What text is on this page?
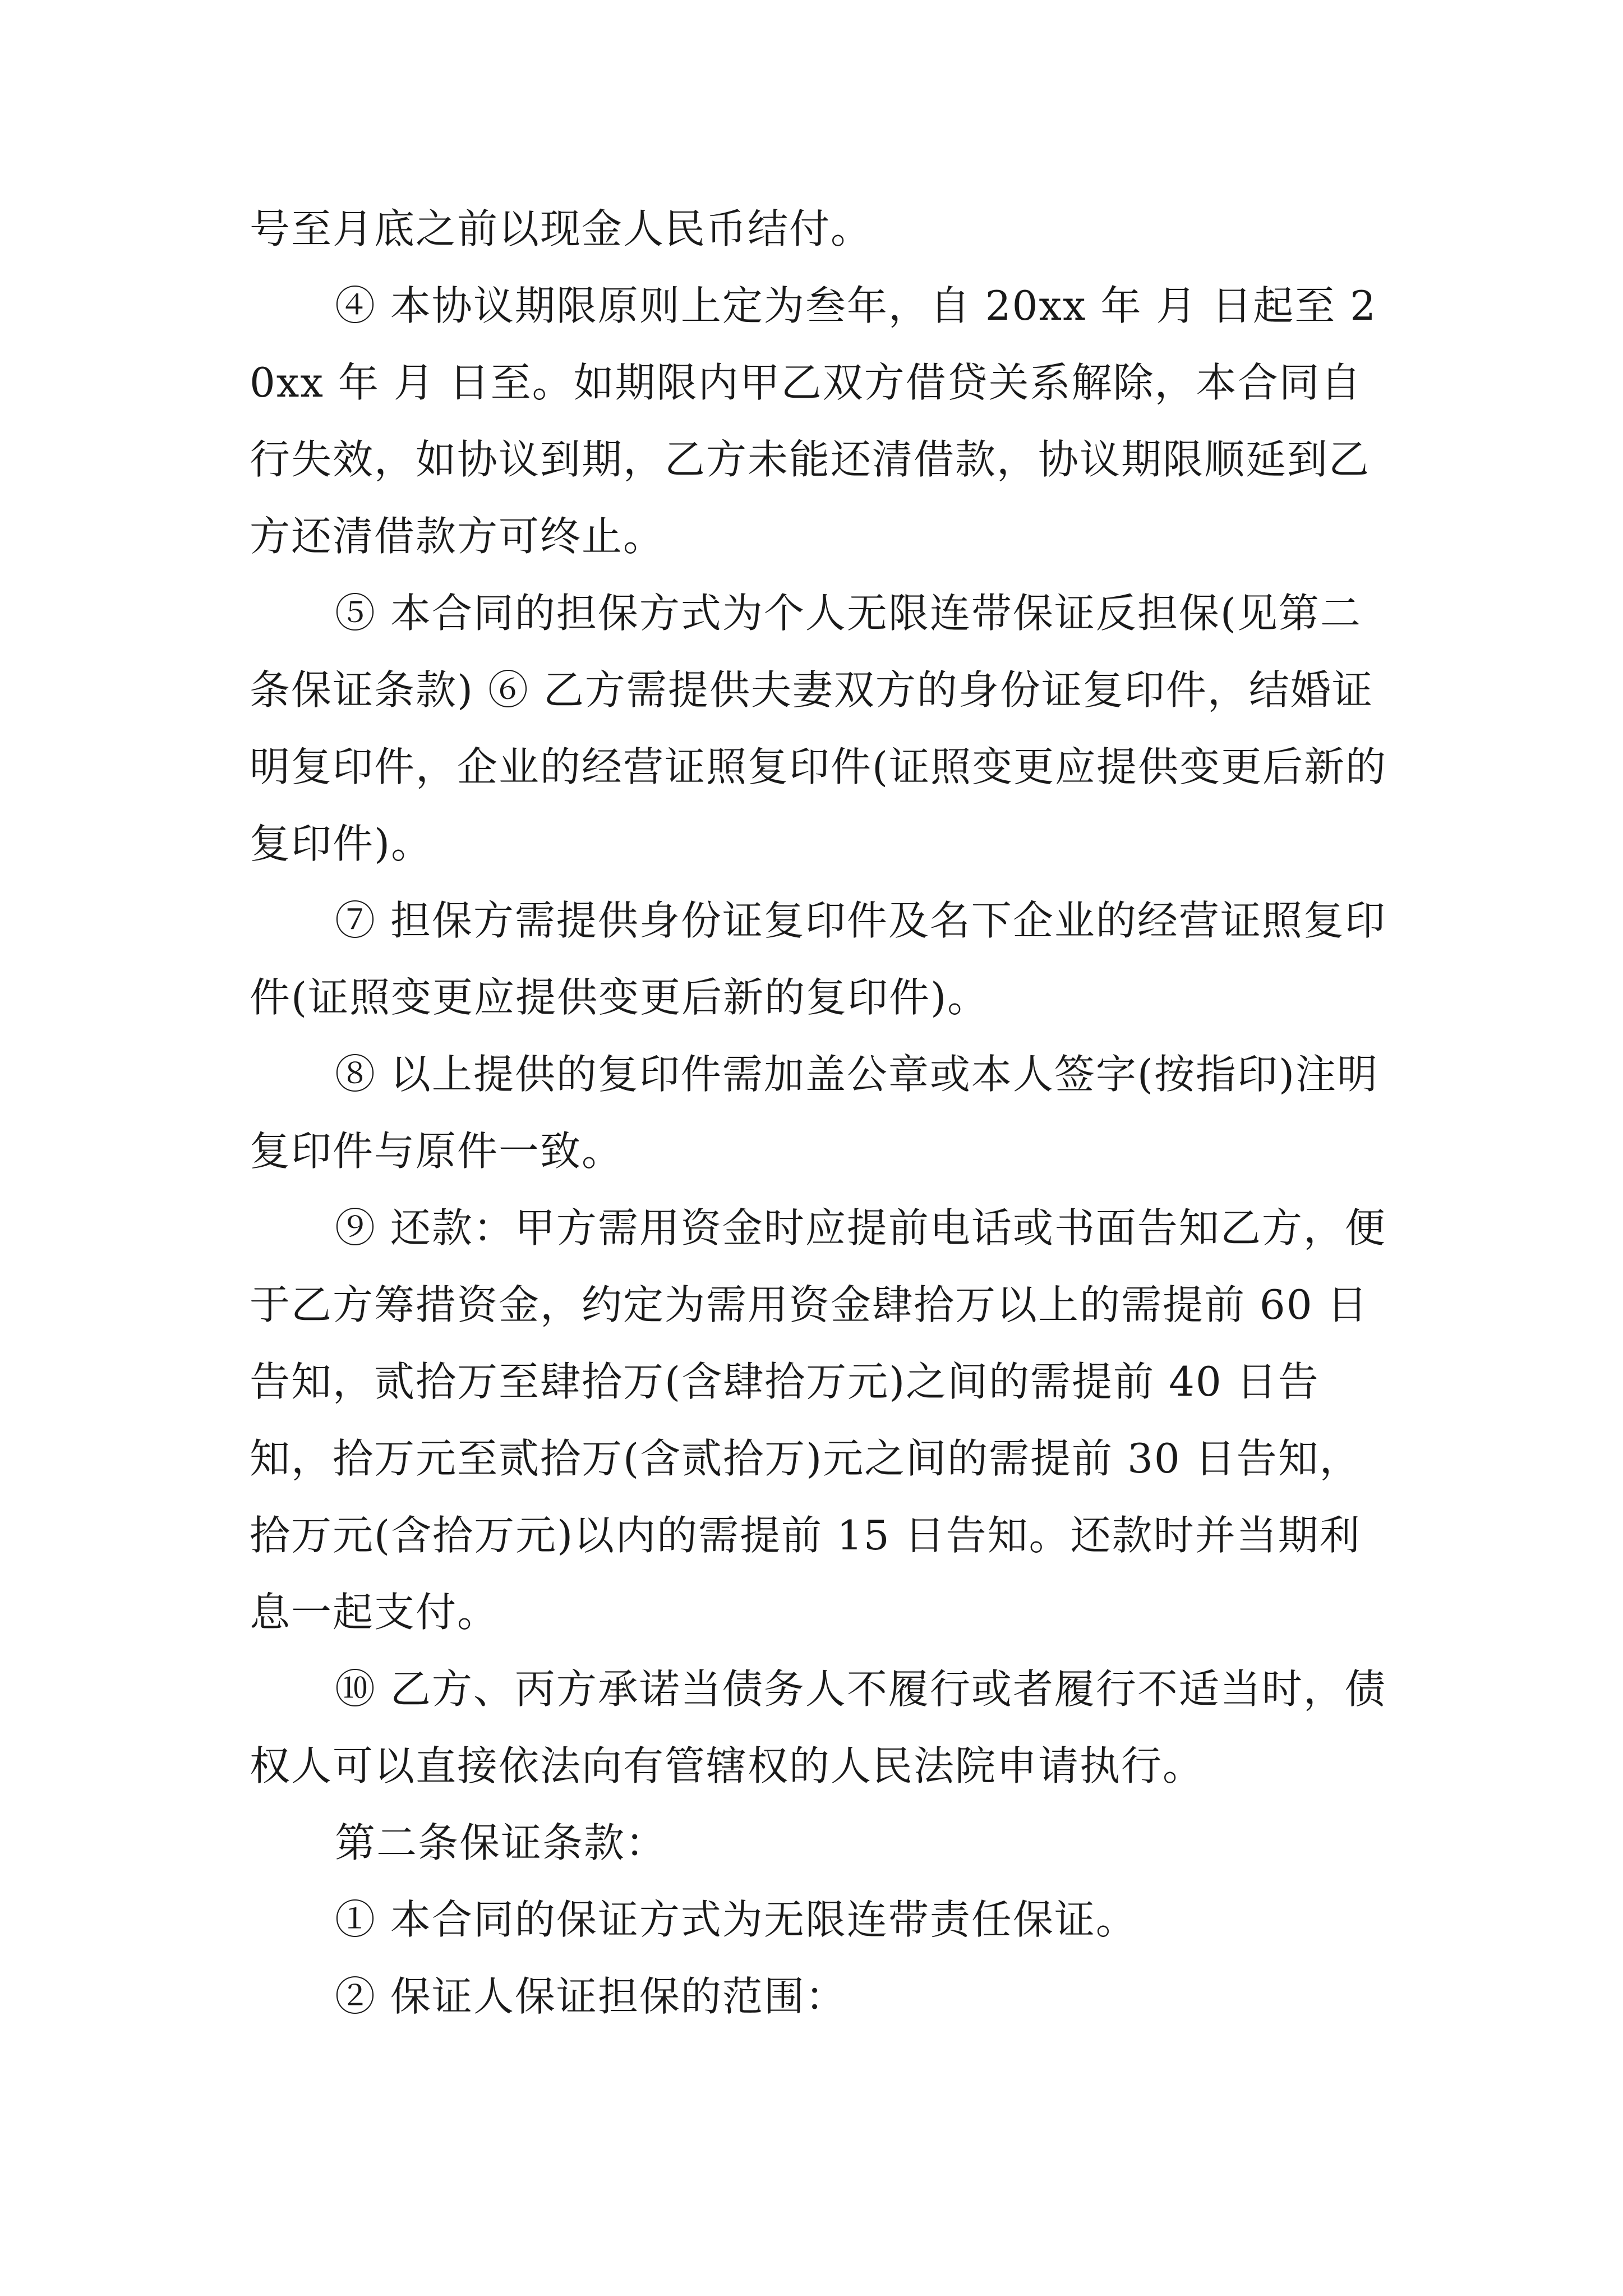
号至月底之前以现金人民币结付。

④ 本协议期限原则上定为叁年，自 20xx 年 月 日起至 20xx 年 月 日至。如期限内甲乙双方借贷关系解除，本合同自行失效，如协议到期，乙方未能还清借款，协议期限顺延到乙方还清借款方可终止。

⑤ 本合同的担保方式为个人无限连带保证反担保(见第二条保证条款) ⑥ 乙方需提供夫妻双方的身份证复印件，结婚证明复印件，企业的经营证照复印件(证照变更应提供变更后新的复印件)。

⑦ 担保方需提供身份证复印件及名下企业的经营证照复印件(证照变更应提供变更后新的复印件)。

⑧ 以上提供的复印件需加盖公章或本人签字(按指印)注明复印件与原件一致。

⑨ 还款：甲方需用资金时应提前电话或书面告知乙方，便于乙方筹措资金，约定为需用资金肆拾万以上的需提前 60 日告知，贰拾万至肆拾万(含肆拾万元)之间的需提前 40 日告知，拾万元至贰拾万(含贰拾万)元之间的需提前 30 日告知，拾万元(含拾万元)以内的需提前 15 日告知。还款时并当期利息一起支付。

⑩ 乙方、丙方承诺当债务人不履行或者履行不适当时，债权人可以直接依法向有管辖权的人民法院申请执行。

第二条保证条款：

① 本合同的保证方式为无限连带责任保证。

② 保证人保证担保的范围：
